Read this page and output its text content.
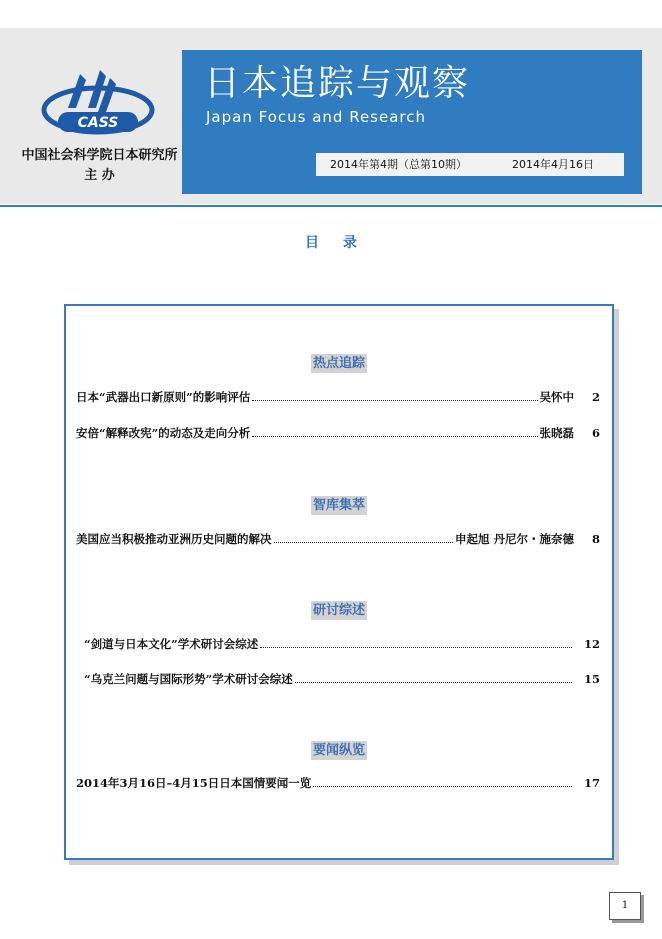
CASS
中国社会科学院日本研究所
主 办
日本追踪与观察
Japan Focus and Research
2014年第4期（总第10期）	2014年4月16日
目录
热点追踪
日本“武器出口新原则”的影响评估	吴怀中	2
安倍“解释改宪”的动态及走向分析	张晓磊	6
智库集萃
美国应当积极推动亚洲历史问题的解决	申起旭 丹尼尔・施奈德	8
研讨综述
“剑道与日本文化”学术研讨会综述	12
“乌克兰问题与国际形势”学术研讨会综述	15
要闻纵览
2014年3月16日–4月15日日本国情要闻一览	17
1
